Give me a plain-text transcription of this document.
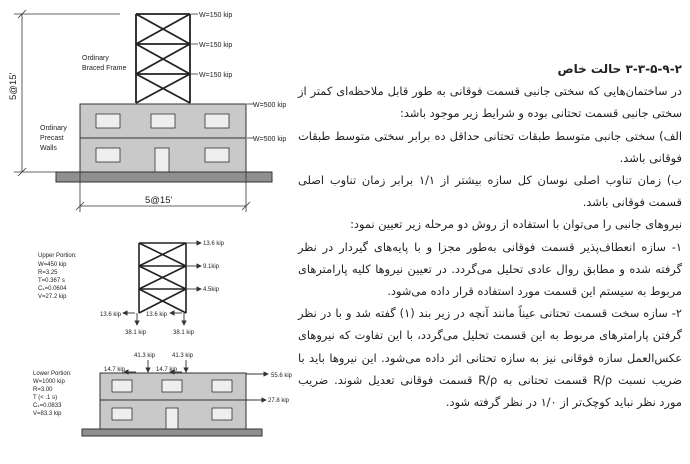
W=150 kip
W=150 kip
W=150 kip
Ordinary
Braced Frame
W=500 kip
W=500 kip
Ordinary
Precast
Walls
5@15'
5@15'
Upper Portion:
W=450 kip
R=3.25
T=0.367 s
Cₛ=0.0604
V=27.2 kip
13.6 kip
9.1kip
4.5kip
13.6 kip	13.6 kip
38.1 kip	38.1 kip
Lower Portion:
W=1000 kip
R=3.00
T (< .1 s)
Cₛ=0.0833
V=83.3 kip
41.3 kip	41.3 kip
14.7 kip	14.7 kip
55.6 kip
27.8 kip

۳-۳-۵-۹-۲ حالت خاص

در ساختمان‌هایی که سختی جانبی قسمت فوقانی به طور قابل ملاحظه‌ای کمتر از سختی جانبی قسمت تحتانی بوده و شرایط زیر موجود باشد:

الف) سختی جانبی متوسط طبقات تحتانی حداقل ده برابر سختی متوسط طبقات فوقانی باشد.

ب) زمان تناوب اصلی نوسان کل سازه بیشتر از ۱/۱ برابر زمان تناوب اصلی قسمت فوقانی باشد.

نیروهای جانبی را می‌توان با استفاده از روش دو مرحله زیر تعیین نمود:

۱- سازه انعطاف‌پذیر قسمت فوقانی به‌طور مجزا و با پایه‌های گیردار در نظر گرفته شده و مطابق روال عادی تحلیل می‌گردد. در تعیین نیروها کلیه پارامترهای مربوط به سیستم این قسمت مورد استفاده قرار داده می‌شود.

۲- سازه سخت قسمت تحتانی عیناً مانند آنچه در زیر بند (۱) گفته شد و با در نظر گرفتن پارامترهای مربوط به این قسمت تحلیل می‌گردد، با این تفاوت که نیروهای عکس‌العمل سازه فوقانی نیز به سازه تحتانی اثر داده می‌شود. این نیروها باید با ضریب نسبت R/ρ قسمت تحتانی به R/ρ قسمت فوقانی تعدیل شوند. ضریب مورد نظر نباید کوچک‌تر از ۱/۰ در نظر گرفته شود.
